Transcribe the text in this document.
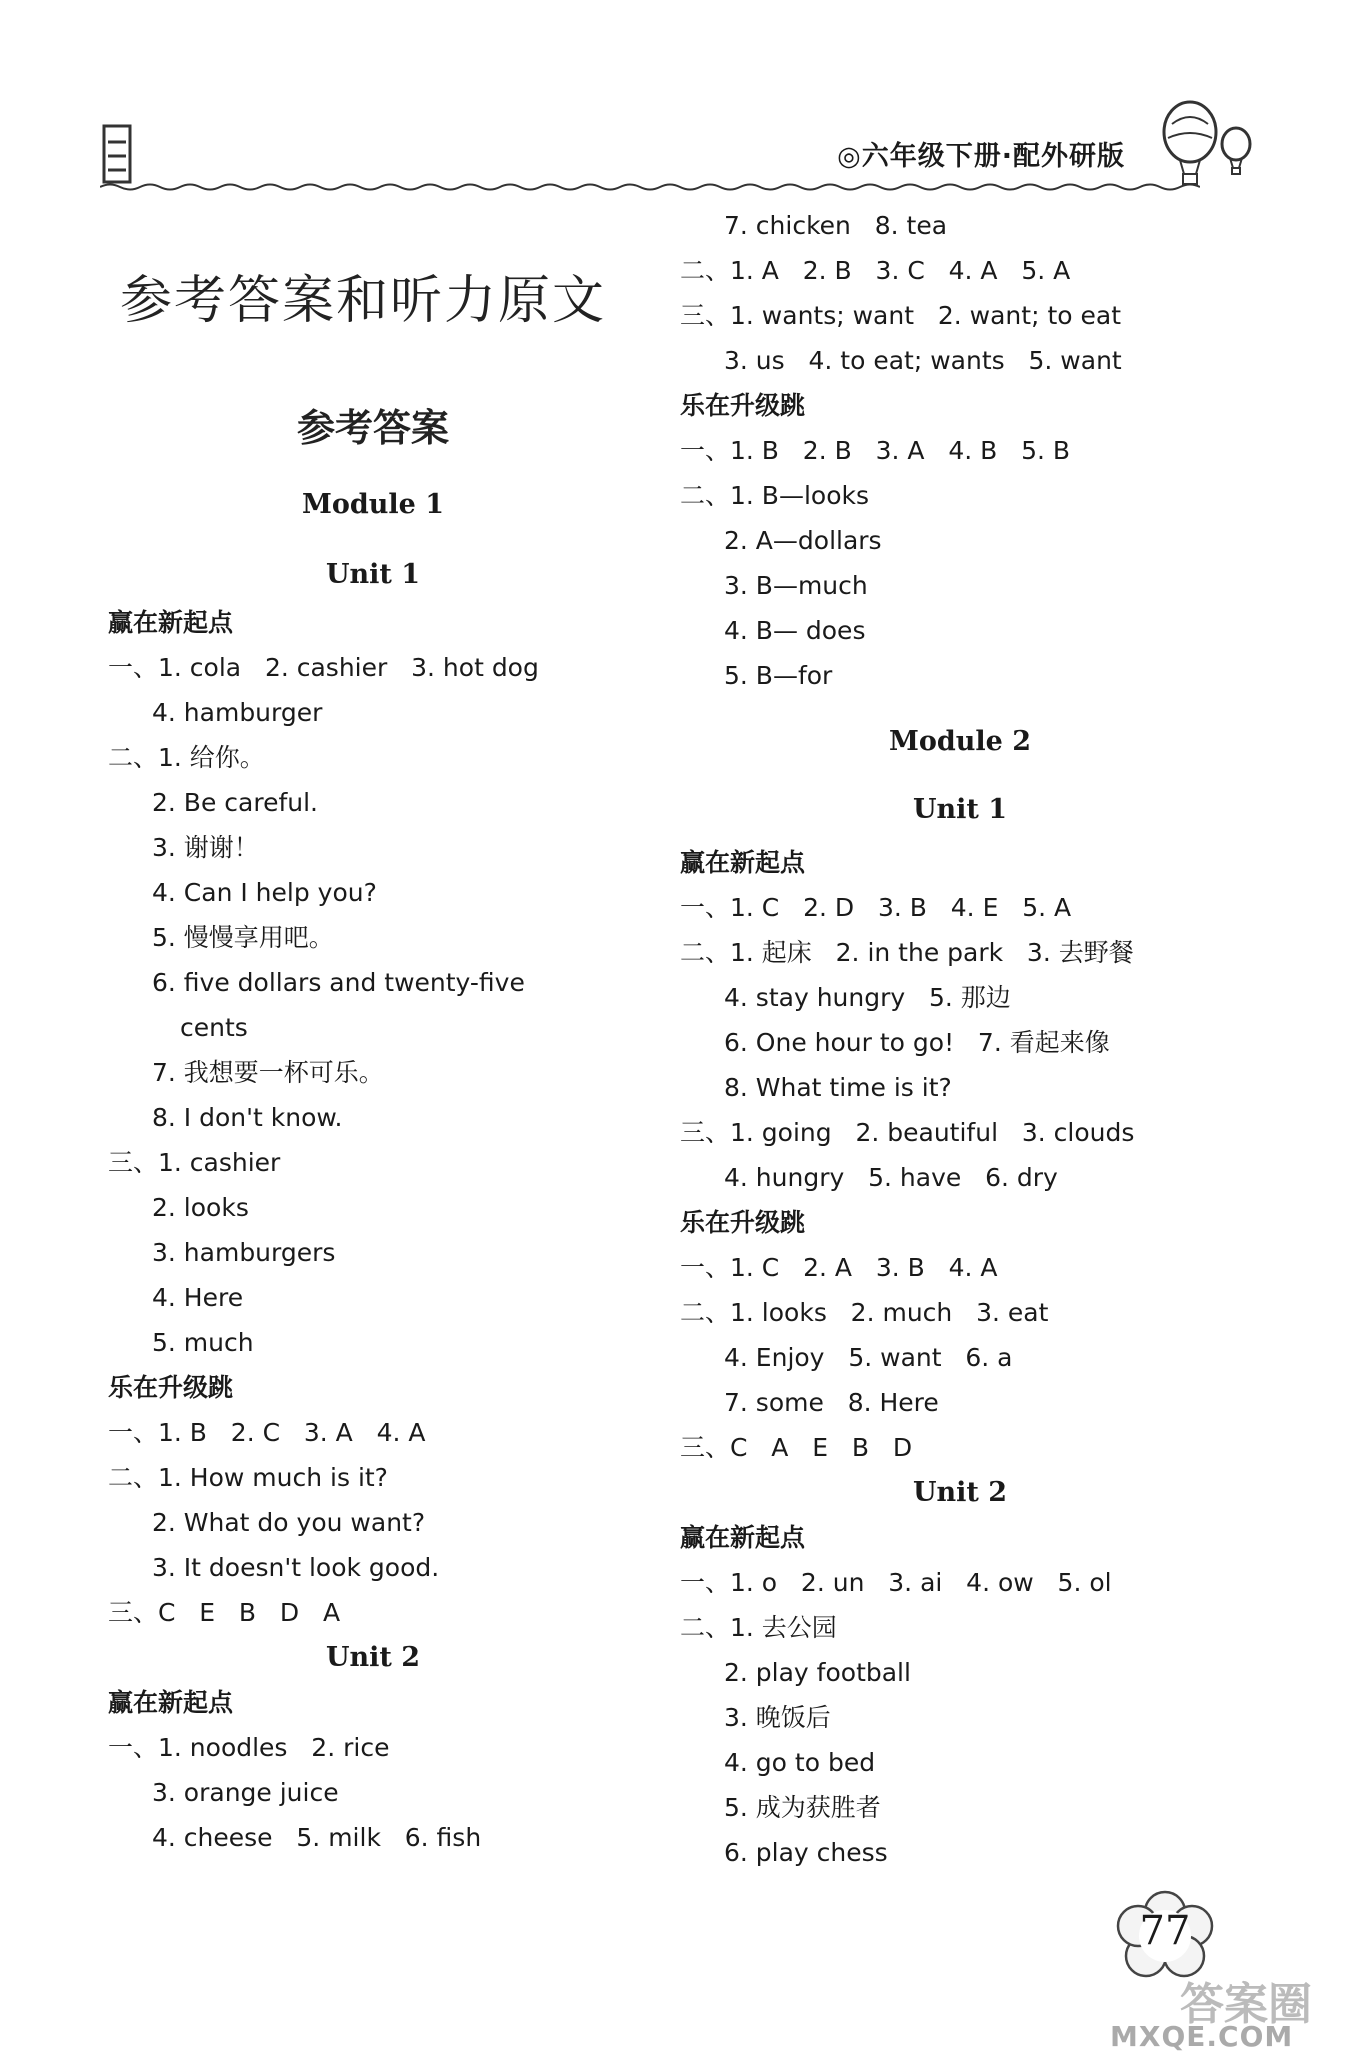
◎六年级下册·配外研版
参考答案和听力原文
参考答案
Module 1
Unit 1
赢在新起点
一、1. cola   2. cashier   3. hot dog
4. hamburger
二、1. 给你。
2. Be careful.
3. 谢谢！
4. Can I help you?
5. 慢慢享用吧。
6. five dollars and twenty-five
cents
7. 我想要一杯可乐。
8. I don't know.
三、1. cashier
2. looks
3. hamburgers
4. Here
5. much
乐在升级跳
一、1. B   2. C   3. A   4. A
二、1. How much is it?
2. What do you want?
3. It doesn't look good.
三、C   E   B   D   A
Unit 2
赢在新起点
一、1. noodles   2. rice
3. orange juice
4. cheese   5. milk   6. fish
7. chicken   8. tea
二、1. A   2. B   3. C   4. A   5. A
三、1. wants; want   2. want; to eat
3. us   4. to eat; wants   5. want
乐在升级跳
一、1. B   2. B   3. A   4. B   5. B
二、1. B—looks
2. A—dollars
3. B—much
4. B— does
5. B—for
Module 2
Unit 1
赢在新起点
一、1. C   2. D   3. B   4. E   5. A
二、1. 起床   2. in the park   3. 去野餐
4. stay hungry   5. 那边
6. One hour to go!   7. 看起来像
8. What time is it?
三、1. going   2. beautiful   3. clouds
4. hungry   5. have   6. dry
乐在升级跳
一、1. C   2. A   3. B   4. A
二、1. looks   2. much   3. eat
4. Enjoy   5. want   6. a
7. some   8. Here
三、C   A   E   B   D
Unit 2
赢在新起点
一、1. o   2. un   3. ai   4. ow   5. ol
二、1. 去公园
2. play football
3. 晚饭后
4. go to bed
5. 成为获胜者
6. play chess
77
答案圈
MXQE.COM
